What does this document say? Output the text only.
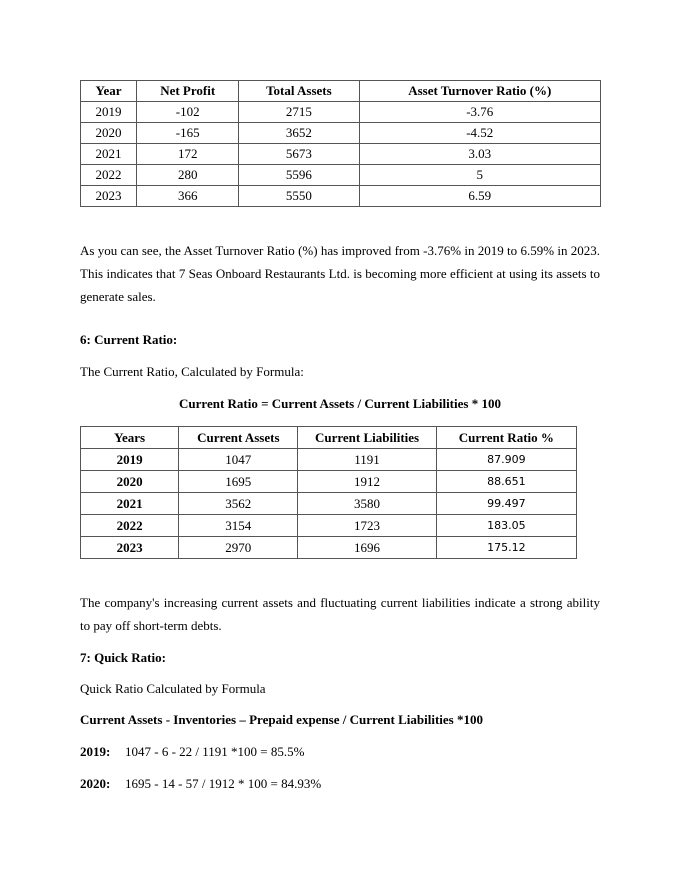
Year	Net Profit	Total Assets	Asset Turnover Ratio (%)
2019	-102	2715	-3.76
2020	-165	3652	-4.52
2021	172	5673	3.03
2022	280	5596	5
2023	366	5550	6.59

As you can see, the Asset Turnover Ratio (%) has improved from -3.76% in 2019 to 6.59% in 2023. This indicates that 7 Seas Onboard Restaurants Ltd. is becoming more efficient at using its assets to generate sales.

6: Current Ratio:

The Current Ratio, Calculated by Formula:

Current Ratio = Current Assets / Current Liabilities * 100

Years	Current Assets	Current Liabilities	Current Ratio %
2019	1047	1191	87.909
2020	1695	1912	88.651
2021	3562	3580	99.497
2022	3154	1723	183.05
2023	2970	1696	175.12

The company's increasing current assets and fluctuating current liabilities indicate a strong ability to pay off short-term debts.

7: Quick Ratio:

Quick Ratio Calculated by Formula

Current Assets - Inventories – Prepaid expense / Current Liabilities *100

2019: 1047 - 6 - 22 / 1191 *100 = 85.5%

2020: 1695 - 14 - 57 / 1912 * 100 = 84.93%
